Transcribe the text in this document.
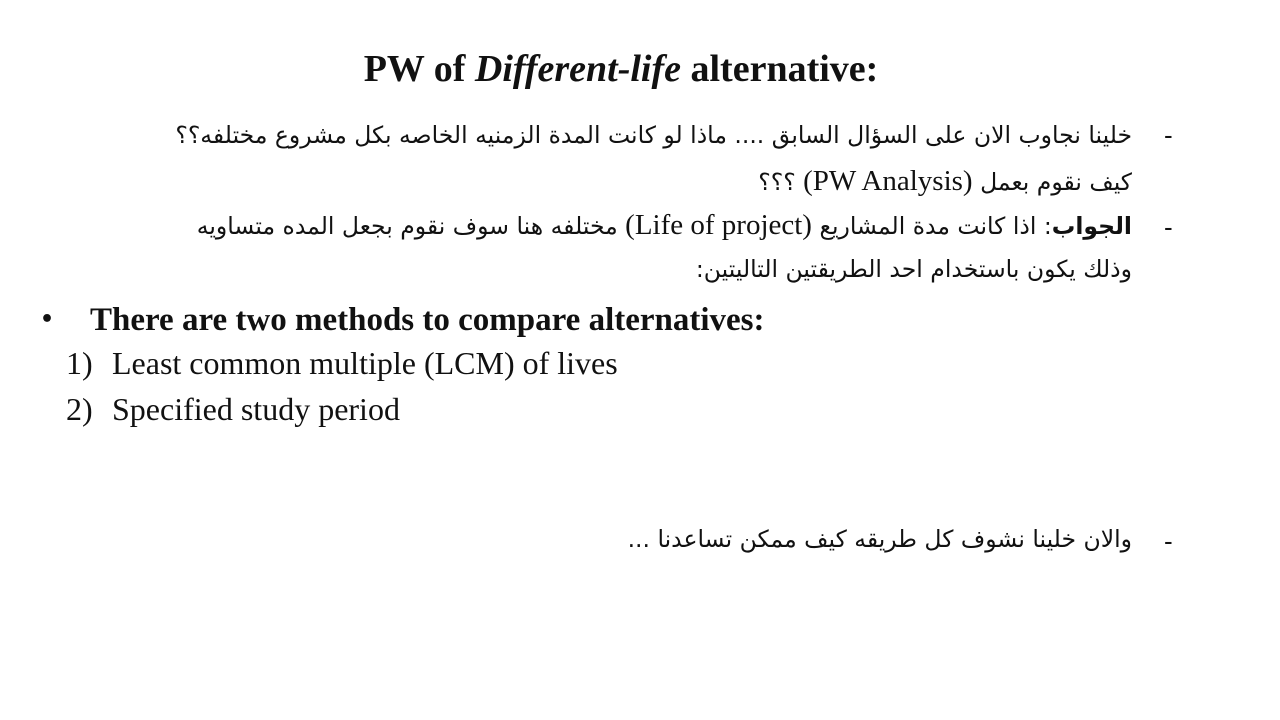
PW of Different-life alternative:
-
خلينا نجاوب الان على السؤال السابق .... ماذا لو كانت المدة الزمنيه الخاصه بكل مشروع مختلفه؟؟
كيف نقوم بعمل (PW Analysis) ؟؟؟
-
الجواب: اذا كانت مدة المشاريع (Life of project) مختلفه هنا سوف نقوم بجعل المده متساويه
وذلك يكون باستخدام احد الطريقتين التاليتين:
• There are two methods to compare alternatives:
1) Least common multiple (LCM) of lives
2) Specified study period
-
والان خلينا نشوف كل طريقه كيف ممكن تساعدنا ...
